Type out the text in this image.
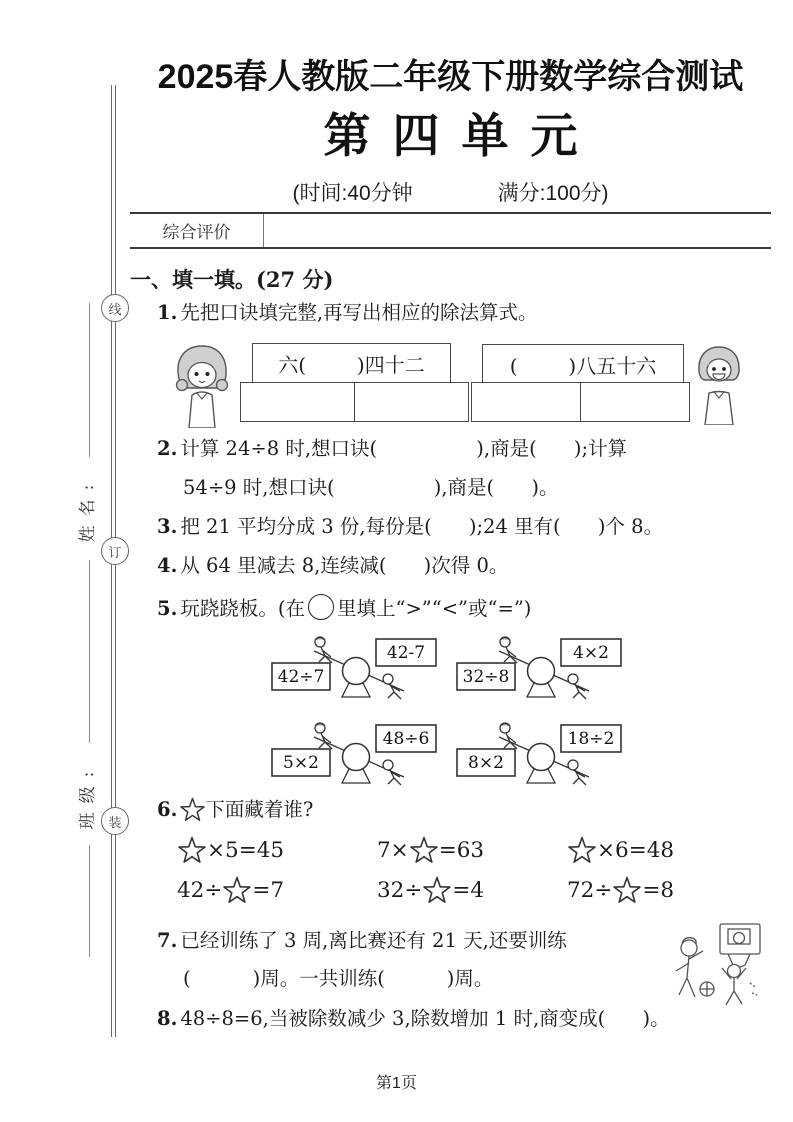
线
订
装
姓名:
班级:
2025春人教版二年级下册数学综合测试
第四单元
(时间:40分钟	满分:100分)
综合评价
一、填一填。(27 分)
1. 先把口诀填完整,再写出相应的除法算式。
六(        )四十二	(        )八五十六
2. 计算 24÷8 时,想口诀(                ),商是(      );计算
54÷9 时,想口诀(                ),商是(      )。
3. 把 21 平均分成 3 份,每份是(      );24 里有(      )个 8。
4. 从 64 里减去 8,连续减(      )次得 0。
5. 玩跷跷板。(在 里填上“>”“<”或“=”)
42÷7
42-7
32÷8
4×2
5×2
48÷6
8×2
18÷2
6. 下面藏着谁?
×5=45	7× =63	×6=48
42÷ =7	32÷ =4	72÷ =8
7. 已经训练了 3 周,离比赛还有 21 天,还要训练
(          )周。一共训练(          )周。
8. 48÷8=6,当被除数减少 3,除数增加 1 时,商变成(      )。
第1页
